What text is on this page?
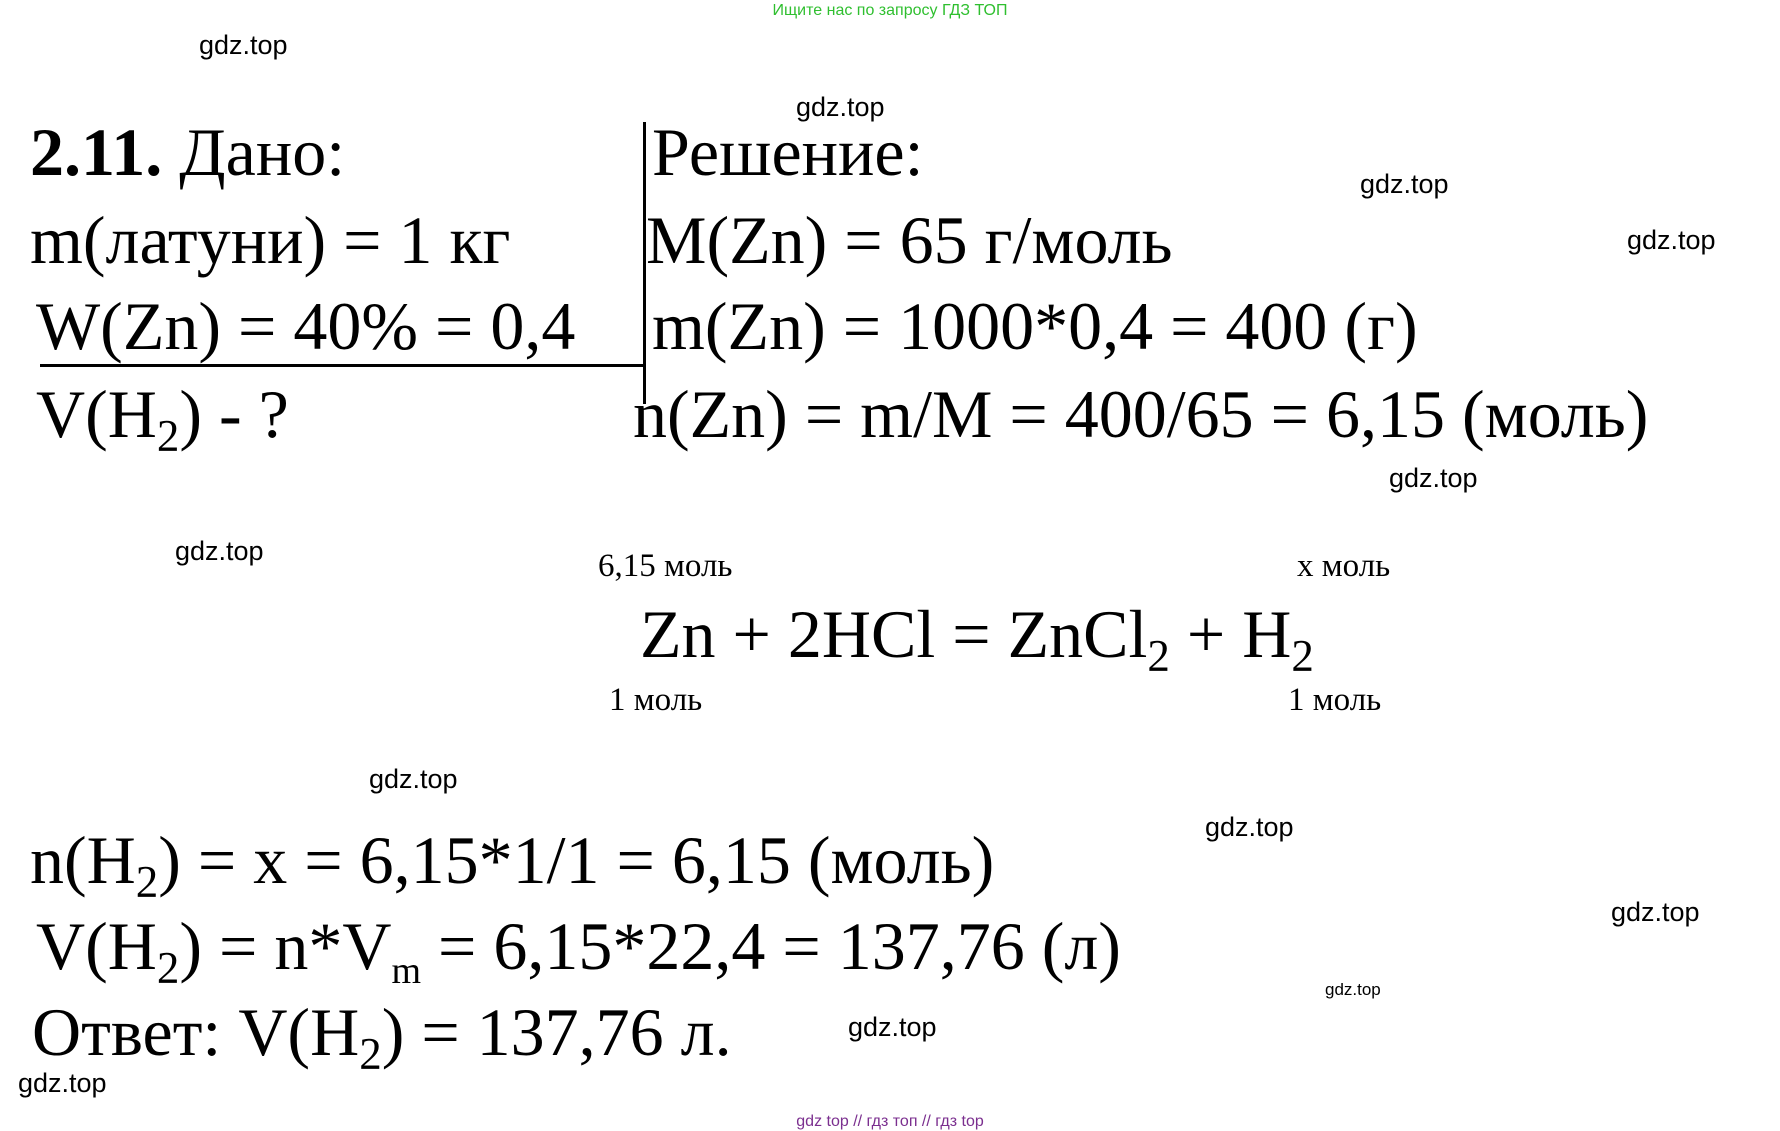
Ищите нас по запросу ГДЗ ТОП
gdz.top
gdz.top
gdz.top
gdz.top
gdz.top
gdz.top
gdz.top
gdz.top
gdz.top
gdz.top
gdz.top
gdz.top
2.11. Дано:
m(латуни) = 1 кг
W(Zn) = 40% = 0,4
$V(H_2)$ - ?
Решение:
M(Zn) = 65 г/моль
m(Zn) = 1000*0,4 = 400 (г)
n(Zn) = m/M = 400/65 = 6,15 (моль)
6,15 моль	х моль
Zn + 2HCl = ZnCl$_2$ + $H_2$
1 моль	1 моль
$n(H_2) = x = 6,15*1/1 = 6,15$ (моль)
$V(H_2) = n*V_m = 6,15*22,4 = 137,76$ (л)
Ответ: $V(H_2) = 137,76$ л.
gdz top // гдз топ // гдз top
